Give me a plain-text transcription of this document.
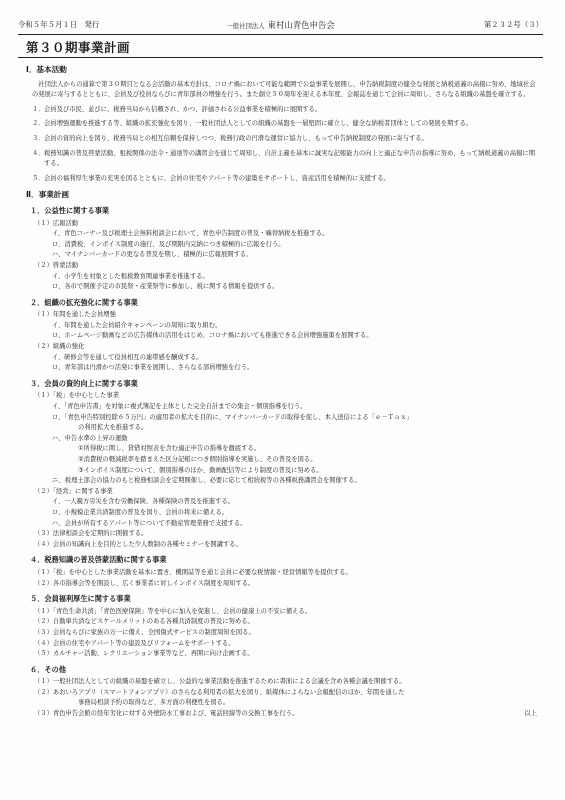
令和５年５月１日　発行	一般社団法人 東村山青色申告会	第２３２号（３）
第３０期事業計画
Ⅰ．基本活動
社団法人からの通算で第３０期目となる会活動の基本方針は、コロナ禍において可能な範囲で公益事業を展開し、申告納税制度の健全な発展と納税道義の高揚に努め、地域社会の発展に寄与するとともに、会員及び役員ならびに青年部員の増強を行う。また創立５０周年を迎える本年度、会報誌を通じて会員に周知し、さらなる組織の基盤を確立する。
１． 会員及び市民、並びに、税務当局から信頼され、かつ、評価される公益事業を積極的に展開する。
２． 会員増強運動を推進する等、組織の拡充強化を図り、一般社団法人としての組織の基盤を一層堅固に確立し、健全な納税者団体としての発展を期する。
３． 会員の資的向上を図り、税務当局との相互信頼を保持しつつ、税務行政の円滑な運営に協力し、もって申告納税制度の発展に寄与する。
４． 税務知識の普及啓蒙活動、租税関係の法令・通達等の講習会を通じて周知し、自計主義を基本に誠実な記帳能力の向上と適正な申告の指導に努め、もって納税道義の高揚に期する。
５． 会員の福利厚生事業の充実を図るとともに、会員の住宅やアパート等の建築をサポートし、資産活用を積極的に支援する。
Ⅱ．事業計画
１．公益性に関する事業
（１）広報活動
イ、青色コーナー及び税理士会無料相談会において、青色申告制度の普及・噛替納税を推進する。
ロ、消費税、インボイス制度の施行、及び期限内完納につき積極的に広報を行う。
ハ、マイナンバーカードの更なる普及を期し、積極的に広報展開する。
（２）啓蒙活動
イ、小学生を対象とした租税教育関連事業を推進する。
ロ、各市で開催予定の市民祭・産業祭等に参加し、税に関する情報を提供する。
２．組織の拡充強化に関する事業
（１）年間を通した会員増強
イ、年間を通した会員紹介キャンペーンの周知に取り組む。
ロ、ホームページ動画などの広告媒体の活用をはじめ、コロナ禍においても推進できる会員増強施策を展開する。
（２）組織の強化
イ、研修会等を通して役員相互の連帯感を醸成する。
ロ、青年部は円滑かつ活発に事業を展開し、さらなる部員増強を行う。
３．会員の資的向上に関する事業
（１）「税」を中心とした事業
イ、「青色申告書」を対象に複式簿記を主体とした完全自計までの集会・個別指導を行う。
ロ、「青色申告特別控除６５万円」の適用者の拡大を目的に、マイナンバーカードの取得を促し、本人送信による「ｅ－Ｔａｘ」
の利用拡大を推進する。
ハ、申告水準の上昇の運動
①所得税に関し、貸借対照表を含む適正申告の指導を徹底する。
②消費税の軽減税率を踏まえた区分記帳につき個別指導を実施し、その普及を図る。
③インボイス制度について、個別指導のほか、動画配信等により制度の普及に努める。
ニ、税理士部会の協力のもと税務相談会を定期開催し、必要に応じて相続税等の各種税務講習会を開催する。
（２）「経営」に関する事業
イ、一人親方労災を含む労働保険、各種保険の普及を推進する。
ロ、小規模企業共済制度の普及を図り、会員の将来に備える。
ハ、会員が所有するアパート等について不動産管理業務で支援する。
（３）法律相談会を定期的に開催する。
（４）会員の知識向上を目的とした少人数制の各種セミナーを開講する。
４．税務知識の普及啓蒙活動に関する事業
（１）「税」を中心とした事業活動を基本に置き、機関誌等を通じ会員に必要な税情報・経営情報等を提供する。
（２）各市指導会等を開設し、広く事業者に対しインボイス制度を周知する。
５．会員福利厚生に関する事業
（１）「青色生命共済」「青色医療保険」等を中心に加入を促進し、会員の健康上の不安に備える。
（２）自動車共済などスケールメリットのある各種共済制度の普及に努める。
（３）会員ならびに家族の万一に備え、全国傷式サービスの制度周知を図る。
（４）会員の住宅やアパート等の建設及びリフォームをサポートする。
（５）カルチャー活動、レクリエーション事業等など、再開に向け企画する。
６．その他
（１）一般社団法人としての組織の基盤を確立し、公益的な事業活動を推進するために書面による会議を含め各種会議を開催する。
（２）あおいろアプリ（スマートフォンアプリ）のさらなる利用者の拡大を図り、紙媒体によらない会報配信のほか、年間を通した
事務局相談予約の取得など、多方面の利便性を図る。
（３）青色申告会館の経年劣化に対する外壁防水工事および、電話回線等の交換工事を行う。	以上
